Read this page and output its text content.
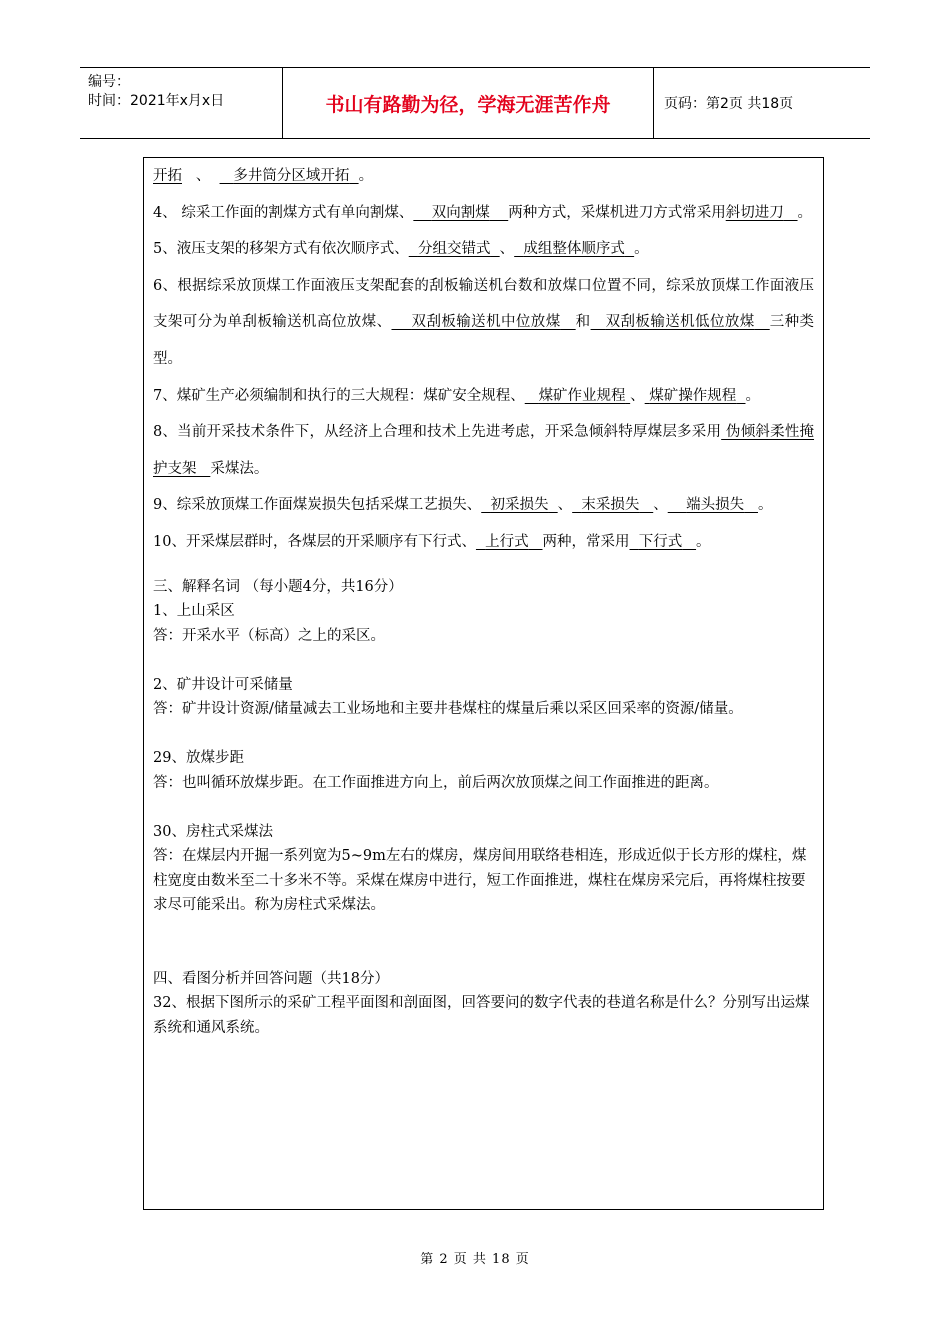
编号：
时间：2021年x月x日	书山有路勤为径，学海无涯苦作舟	页码：第2页 共18页

开拓 、 多井筒分区域开拓 。

4、 综采工作面的割煤方式有单向割煤、 双向割煤 两种方式，采煤机进刀方式常采用斜切进刀 。

5、液压支架的移架方式有依次顺序式、 分组交错式 、 成组整体顺序式 。

6、根据综采放顶煤工作面液压支架配套的刮板输送机台数和放煤口位置不同，综采放顶煤工作面液压支架可分为单刮板输送机高位放煤、 双刮板输送机中位放煤 和 双刮板输送机低位放煤 三种类型。

7、煤矿生产必须编制和执行的三大规程：煤矿安全规程、 煤矿作业规程 、 煤矿操作规程 。

8、当前开采技术条件下，从经济上合理和技术上先进考虑，开采急倾斜特厚煤层多采用 伪倾斜柔性掩护支架 采煤法。

9、综采放顶煤工作面煤炭损失包括采煤工艺损失、 初采损失 、 末采损失 、 端头损失 。

10、开采煤层群时，各煤层的开采顺序有下行式、 上行式 两种，常采用 下行式 。

三、解释名词 （每小题4分，共16分）

1、上山采区

答：开采水平（标高）之上的采区。

2、矿井设计可采储量

答：矿井设计资源/储量减去工业场地和主要井巷煤柱的煤量后乘以采区回采率的资源/储量。

29、放煤步距

答：也叫循环放煤步距。在工作面推进方向上，前后两次放顶煤之间工作面推进的距离。

30、房柱式采煤法

答：在煤层内开掘一系列宽为5~9m左右的煤房，煤房间用联络巷相连，形成近似于长方形的煤柱，煤柱宽度由数米至二十多米不等。采煤在煤房中进行，短工作面推进，煤柱在煤房采完后，再将煤柱按要求尽可能采出。称为房柱式采煤法。

四、看图分析并回答问题（共18分）

32、根据下图所示的采矿工程平面图和剖面图，回答要问的数字代表的巷道名称是什么？分别写出运煤系统和通风系统。

第 2 页 共 18 页
